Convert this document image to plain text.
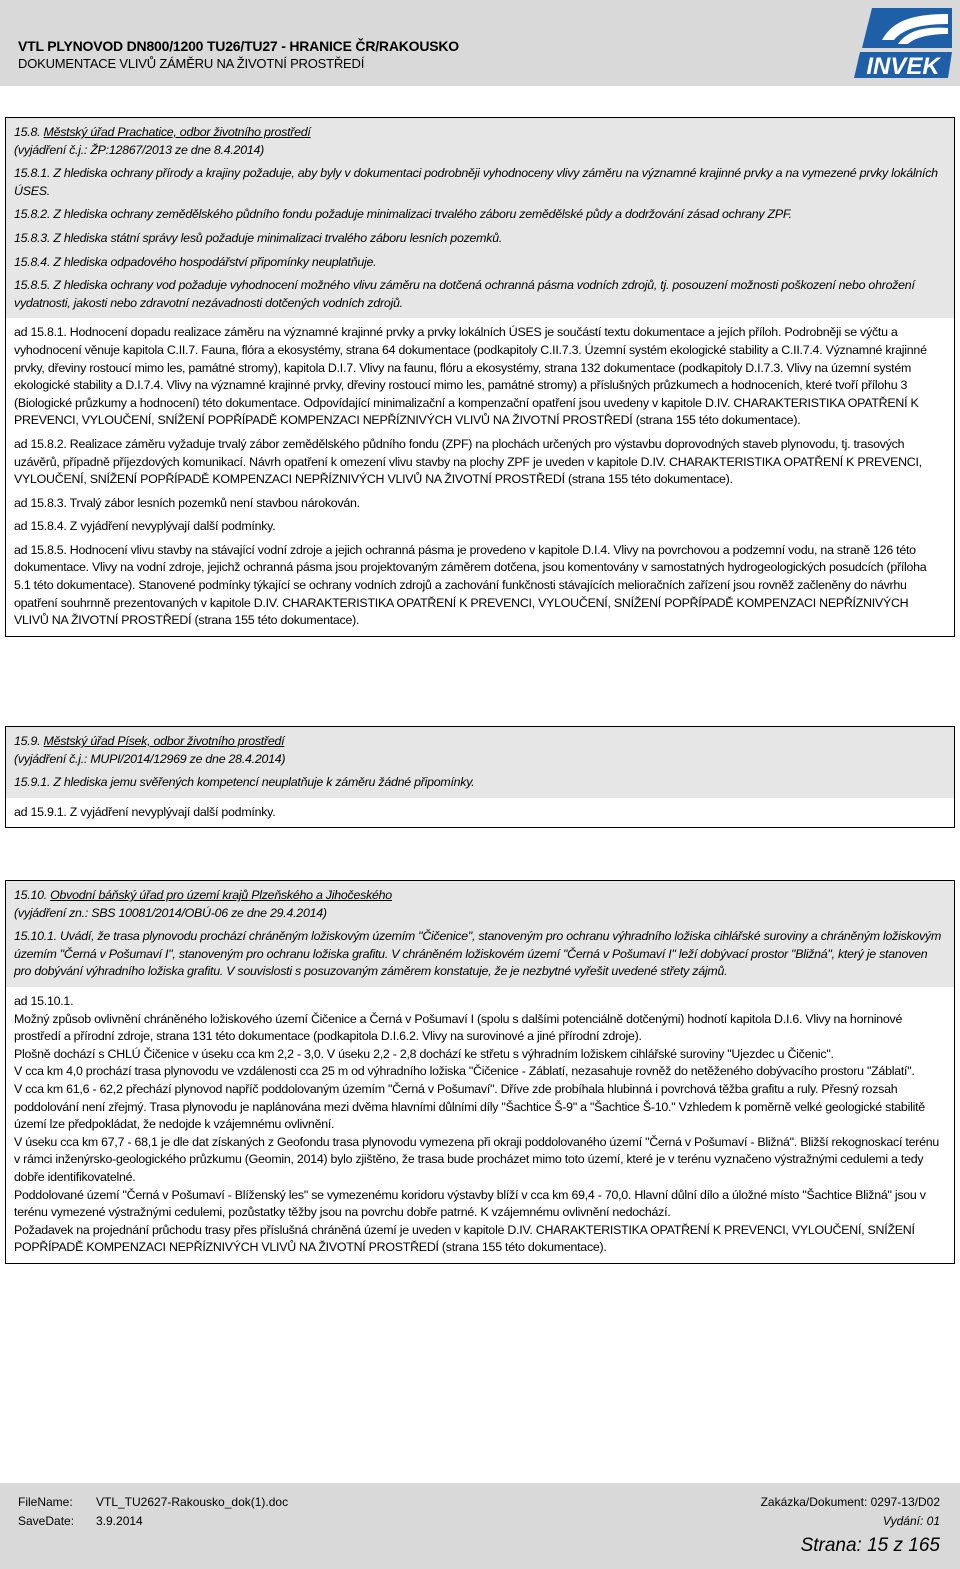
VTL PLYNOVOD DN800/1200 TU26/TU27 - HRANICE ČR/RAKOUSKO
DOKUMENTACE VLIVŮ ZÁMĚRU NA ŽIVOTNÍ PROSTŘEDÍ	INVEK
15.8. Městský úřad Prachatice, odbor životního prostředí
(vyjádření č.j.: ŽP:12867/2013 ze dne 8.4.2014)
15.8.1. Z hlediska ochrany přírody a krajiny požaduje, aby byly v dokumentaci podrobněji vyhodnoceny vlivy záměru na významné krajinné prvky a na vymezené prvky lokálních ÚSES.
15.8.2. Z hlediska ochrany zemědělského půdního fondu požaduje minimalizaci trvalého záboru zemědělské půdy a dodržování zásad ochrany ZPF.
15.8.3. Z hlediska státní správy lesů požaduje minimalizaci trvalého záboru lesních pozemků.
15.8.4. Z hlediska odpadového hospodářství připomínky neuplatňuje.
15.8.5. Z hlediska ochrany vod požaduje vyhodnocení možného vlivu záměru na dotčená ochranná pásma vodních zdrojů, tj. posouzení možnosti poškození nebo ohrožení vydatnosti, jakosti nebo zdravotní nezávadnosti dotčených vodních zdrojů.
ad 15.8.1. Hodnocení dopadu realizace záměru na významné krajinné prvky a prvky lokálních ÚSES je součástí textu dokumentace a jejích příloh. Podrobněji se výčtu a vyhodnocení věnuje kapitola C.II.7. Fauna, flóra a ekosystémy, strana 64 dokumentace (podkapitoly C.II.7.3. Územní systém ekologické stability a C.II.7.4. Významné krajinné prvky, dřeviny rostoucí mimo les, památné stromy), kapitola D.I.7. Vlivy na faunu, flóru a ekosystémy, strana 132 dokumentace (podkapitoly D.I.7.3. Vlivy na územní systém ekologické stability a D.I.7.4. Vlivy na významné krajinné prvky, dřeviny rostoucí mimo les, památné stromy) a příslušných průzkumech a hodnoceních, které tvoří přílohu 3 (Biologické průzkumy a hodnocení) této dokumentace. Odpovídající minimalizační a kompenzační opatření jsou uvedeny v kapitole D.IV. CHARAKTERISTIKA OPATŘENÍ K PREVENCI, VYLOUČENÍ, SNÍŽENÍ POPŘÍPADĚ KOMPENZACI NEPŘÍZNIVÝCH VLIVŮ NA ŽIVOTNÍ PROSTŘEDÍ (strana 155 této dokumentace).
ad 15.8.2. Realizace záměru vyžaduje trvalý zábor zemědělského půdního fondu (ZPF) na plochách určených pro výstavbu doprovodných staveb plynovodu, tj. trasových uzávěrů, případně příjezdových komunikací. Návrh opatření k omezení vlivu stavby na plochy ZPF je uveden v kapitole D.IV. CHARAKTERISTIKA OPATŘENÍ K PREVENCI, VYLOUČENÍ, SNÍŽENÍ POPŘÍPADĚ KOMPENZACI NEPŘÍZNIVÝCH VLIVŮ NA ŽIVOTNÍ PROSTŘEDÍ (strana 155 této dokumentace).
ad 15.8.3. Trvalý zábor lesních pozemků není stavbou nárokován.
ad 15.8.4. Z vyjádření nevyplývají další podmínky.
ad 15.8.5. Hodnocení vlivu stavby na stávající vodní zdroje a jejich ochranná pásma je provedeno v kapitole D.I.4. Vlivy na povrchovou a podzemní vodu, na straně 126 této dokumentace. Vlivy na vodní zdroje, jejichž ochranná pásma jsou projektovaným záměrem dotčena, jsou komentovány v samostatných hydrogeologických posudcích (příloha 5.1 této dokumentace). Stanovené podmínky týkající se ochrany vodních zdrojů a zachování funkčnosti stávajících melioračních zařízení jsou rovněž začleněny do návrhu opatření souhrnně prezentovaných v kapitole D.IV. CHARAKTERISTIKA OPATŘENÍ K PREVENCI, VYLOUČENÍ, SNÍŽENÍ POPŘÍPADĚ KOMPENZACI NEPŘÍZNIVÝCH VLIVŮ NA ŽIVOTNÍ PROSTŘEDÍ (strana 155 této dokumentace).
15.9. Městský úřad Písek, odbor životního prostředí
(vyjádření č.j.: MUPI/2014/12969 ze dne 28.4.2014)
15.9.1. Z hlediska jemu svěřených kompetencí neuplatňuje k záměru žádné připomínky.
ad 15.9.1. Z vyjádření nevyplývají další podmínky.
15.10. Obvodní báňský úřad pro území krajů Plzeňského a Jihočeského
(vyjádření zn.: SBS 10081/2014/OBÚ-06 ze dne 29.4.2014)
15.10.1. Uvádí, že trasa plynovodu prochází chráněným ložiskovým územím "Čičenice", stanoveným pro ochranu výhradního ložiska cihlářské suroviny a chráněným ložiskovým územím "Černá v Pošumaví I", stanoveným pro ochranu ložiska grafitu. V chráněném ložiskovém území "Černá v Pošumaví I" leží dobývací prostor "Bližná", který je stanoven pro dobývání výhradního ložiska grafitu. V souvislosti s posuzovaným záměrem konstatuje, že je nezbytné vyřešit uvedené střety zájmů.
ad 15.10.1.
Možný způsob ovlivnění chráněného ložiskového území Čičenice a Černá v Pošumaví I (spolu s dalšími potenciálně dotčenými) hodnotí kapitola D.I.6. Vlivy na horninové prostředí a přírodní zdroje, strana 131 této dokumentace (podkapitola D.I.6.2. Vlivy na surovinové a jiné přírodní zdroje).
Plošně dochází s CHLÚ Čičenice v úseku cca km 2,2 - 3,0. V úseku 2,2 - 2,8 dochází ke střetu s výhradním ložiskem cihlářské suroviny "Ujezdec u Čičenic".
V cca km 4,0 prochází trasa plynovodu ve vzdálenosti cca 25 m od výhradního ložiska "Čičenice - Záblatí, nezasahuje rovněž do netěženého dobývacího prostoru "Záblatí".
V cca km 61,6 - 62,2 přechází plynovod napříč poddolovaným územím "Černá v Pošumaví". Dříve zde probíhala hlubinná i povrchová těžba grafitu a ruly. Přesný rozsah poddolování není zřejmý. Trasa plynovodu je naplánována mezi dvěma hlavními důlními díly "Šachtice Š-9" a "Šachtice Š-10." Vzhledem k poměrně velké geologické stabilitě území lze předpokládat, že nedojde k vzájemnému ovlivnění.
V úseku cca km 67,7 - 68,1 je dle dat získaných z Geofondu trasa plynovodu vymezena při okraji poddolovaného území "Černá v Pošumaví - Bližná". Bližší rekognoskací terénu v rámci inženýrsko-geologického průzkumu (Geomin, 2014) bylo zjištěno, že trasa bude procházet mimo toto území, které je v terénu vyznačeno výstražnými cedulemi a tedy dobře identifikovatelné.
Poddolované území "Černá v Pošumaví - Blíženský les" se vymezenému koridoru výstavby blíží v cca km 69,4 - 70,0. Hlavní důlní dílo a úložné místo "Šachtice Bližná" jsou v terénu vymezené výstražnými cedulemi, pozůstatky těžby jsou na povrchu dobře patrné. K vzájemnému ovlivnění nedochází.
Požadavek na projednání průchodu trasy přes příslušná chráněná území je uveden v kapitole D.IV. CHARAKTERISTIKA OPATŘENÍ K PREVENCI, VYLOUČENÍ, SNÍŽENÍ POPŘÍPADĚ KOMPENZACI NEPŘÍZNIVÝCH VLIVŮ NA ŽIVOTNÍ PROSTŘEDÍ (strana 155 této dokumentace).
FileName: VTL_TU2627-Rakousko_dok(1).doc
SaveDate: 3.9.2014
Zakázka/Dokument: 0297-13/D02
Vydání: 01
Strana: 15 z 165
